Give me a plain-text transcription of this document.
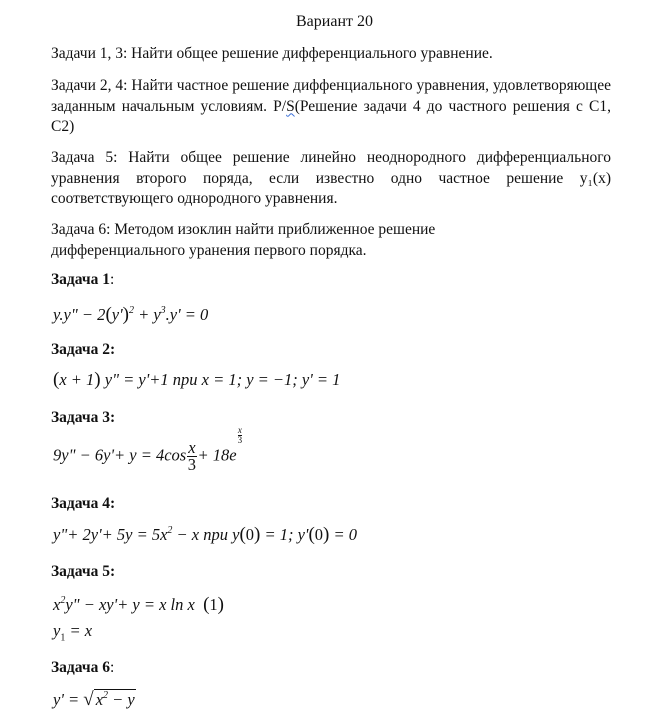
Вариант 20
Задачи 1, 3: Найти общее решение дифференциального уравнение.
Задачи 2, 4: Найти частное решение диффенциального уравнения, удовлетворяющее заданным начальным условиям. P/S(Решение задачи 4 до частного решения с С1, С2)
Задача 5: Найти общее решение линейно неоднородного дифференциального уравнения второго поряда, если известно одно частное решение y₁(x) соответствующего однородного уравнения.
Задача 6: Методом изоклин найти приближенное решение
дифференциального уранения первого порядка.
Задача 1:
y.y" − $2(y')^2 + y^3.y' = 0$
Задача 2:
(x + 1) y" = y'+1 при x = 1; y = −1; y' = 1
Задача 3:
9y" − $6y'+ y = 4\cos \frac{x}{3} + 18e$
$\frac{x}{3}$
Задача 4:
y"+ $2y'+ 5y = 5x^2 - x$ при y(0) = 1; y'(0) = 0
Задача 5:
$x^2y$" − xy'+ y = x ln x (1)
$y_1 = x$
Задача 6:
y' = √ $x^2 - y$
